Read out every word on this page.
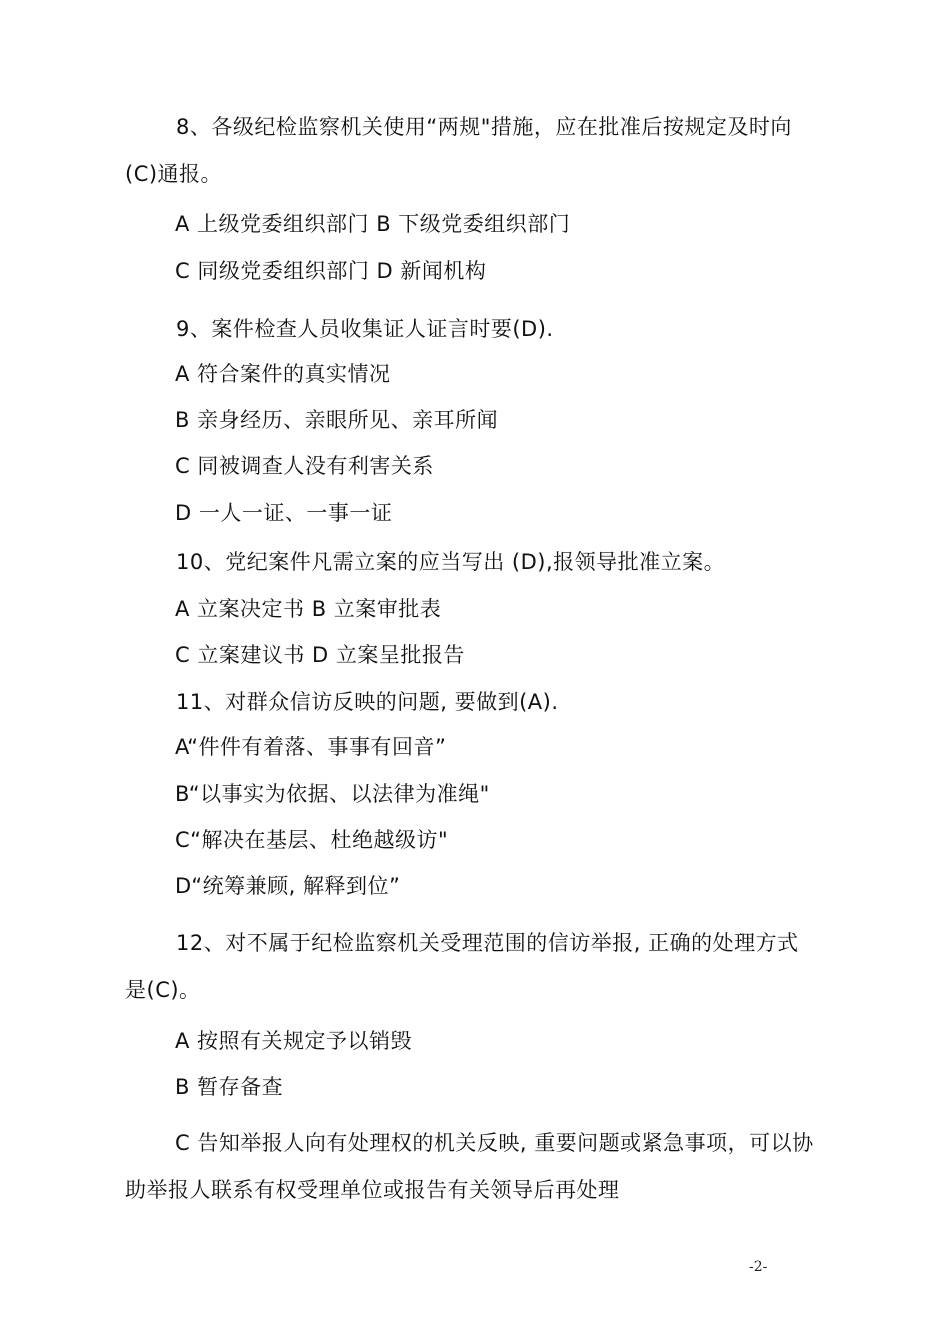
8、各级纪检监察机关使用“两规"措施，应在批准后按规定及时向
(C)通报。
A 上级党委组织部门 B 下级党委组织部门
C 同级党委组织部门 D 新闻机构
9、案件检查人员收集证人证言时要(D).
A 符合案件的真实情况
B 亲身经历、亲眼所见、亲耳所闻
C 同被调查人没有利害关系
D 一人一证、一事一证
10、党纪案件凡需立案的应当写出 (D),报领导批准立案。
A 立案决定书 B 立案审批表
C 立案建议书 D 立案呈批报告
11、对群众信访反映的问题, 要做到(A).
A“件件有着落、事事有回音”
B“以事实为依据、以法律为准绳"
C“解决在基层、杜绝越级访"
D“统筹兼顾, 解释到位”
12、对不属于纪检监察机关受理范围的信访举报, 正确的处理方式
是(C)。
A 按照有关规定予以销毁
B 暂存备查
C 告知举报人向有处理权的机关反映, 重要问题或紧急事项，可以协
助举报人联系有权受理单位或报告有关领导后再处理
-2-
